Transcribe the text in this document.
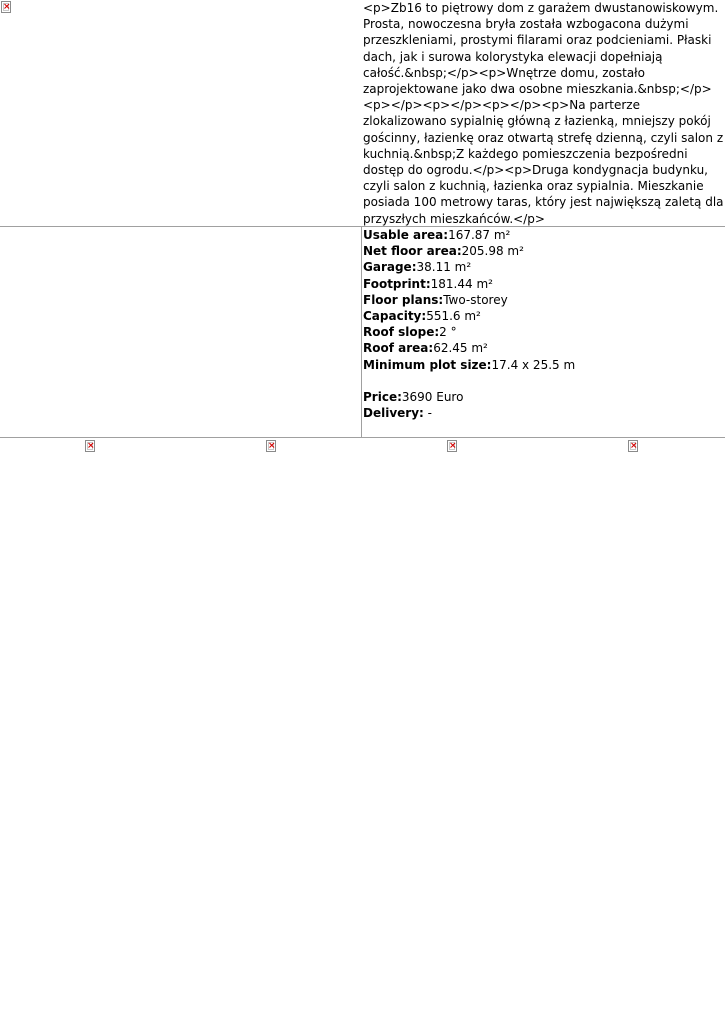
×	<p>Zb16 to piętrowy dom z garażem dwustanowiskowym. Prosta, nowoczesna bryła została wzbogacona dużymi przeszkleniami, prostymi filarami oraz podcieniami. Płaski dach, jak i surowa kolorystyka elewacji dopełniają całość.&nbsp;</p><p>Wnętrze domu, zostało zaprojektowane jako dwa osobne mieszkania.&nbsp;</p><p></p><p></p><p></p><p>Na parterze zlokalizowano sypialnię główną z łazienką, mniejszy pokój gościnny, łazienkę oraz otwartą strefę dzienną, czyli salon z kuchnią.&nbsp;Z każdego pomieszczenia bezpośredni dostęp do ogrodu.</p><p>Druga kondygnacja budynku, czyli salon z kuchnią, łazienka oraz sypialnia. Mieszkanie posiada 100 metrowy taras, który jest największą zaletą dla przyszłych mieszkańców.</p>

Usable area:167.87 m²
Net floor area:205.98 m²
Garage:38.11 m²
Footprint:181.44 m²
Floor plans:Two-storey
Capacity:551.6 m²
Roof slope:2 °
Roof area:62.45 m²
Minimum plot size:17.4 x 25.5 m
Price:3690 Euro
Delivery: -
×	×	×	×
